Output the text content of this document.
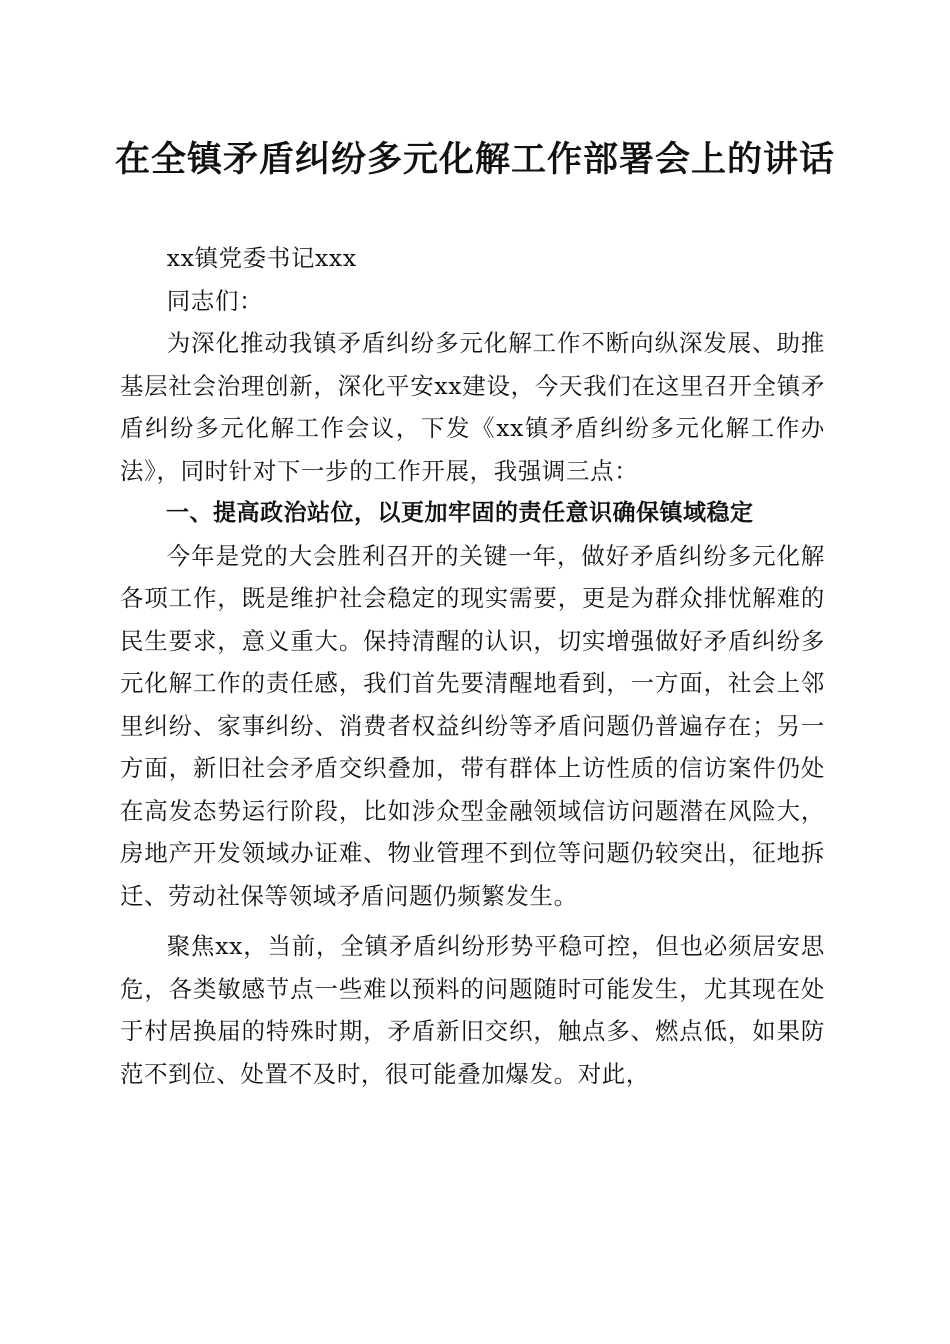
在全镇矛盾纠纷多元化解工作部署会上的讲话

xx镇党委书记xxx

同志们：

为深化推动我镇矛盾纠纷多元化解工作不断向纵深发展、助推基层社会治理创新，深化平安xx建设，今天我们在这里召开全镇矛盾纠纷多元化解工作会议，下发《xx镇矛盾纠纷多元化解工作办法》，同时针对下一步的工作开展，我强调三点：

一、提高政治站位，以更加牢固的责任意识确保镇域稳定

今年是党的大会胜利召开的关键一年，做好矛盾纠纷多元化解各项工作，既是维护社会稳定的现实需要，更是为群众排忧解难的民生要求，意义重大。保持清醒的认识，切实增强做好矛盾纠纷多元化解工作的责任感，我们首先要清醒地看到，一方面，社会上邻里纠纷、家事纠纷、消费者权益纠纷等矛盾问题仍普遍存在；另一方面，新旧社会矛盾交织叠加，带有群体上访性质的信访案件仍处在高发态势运行阶段，比如涉众型金融领域信访问题潜在风险大，房地产开发领域办证难、物业管理不到位等问题仍较突出，征地拆迁、劳动社保等领域矛盾问题仍频繁发生。

聚焦xx，当前，全镇矛盾纠纷形势平稳可控，但也必须居安思危，各类敏感节点一些难以预料的问题随时可能发生，尤其现在处于村居换届的特殊时期，矛盾新旧交织，触点多、燃点低，如果防范不到位、处置不及时，很可能叠加爆发。对此，
